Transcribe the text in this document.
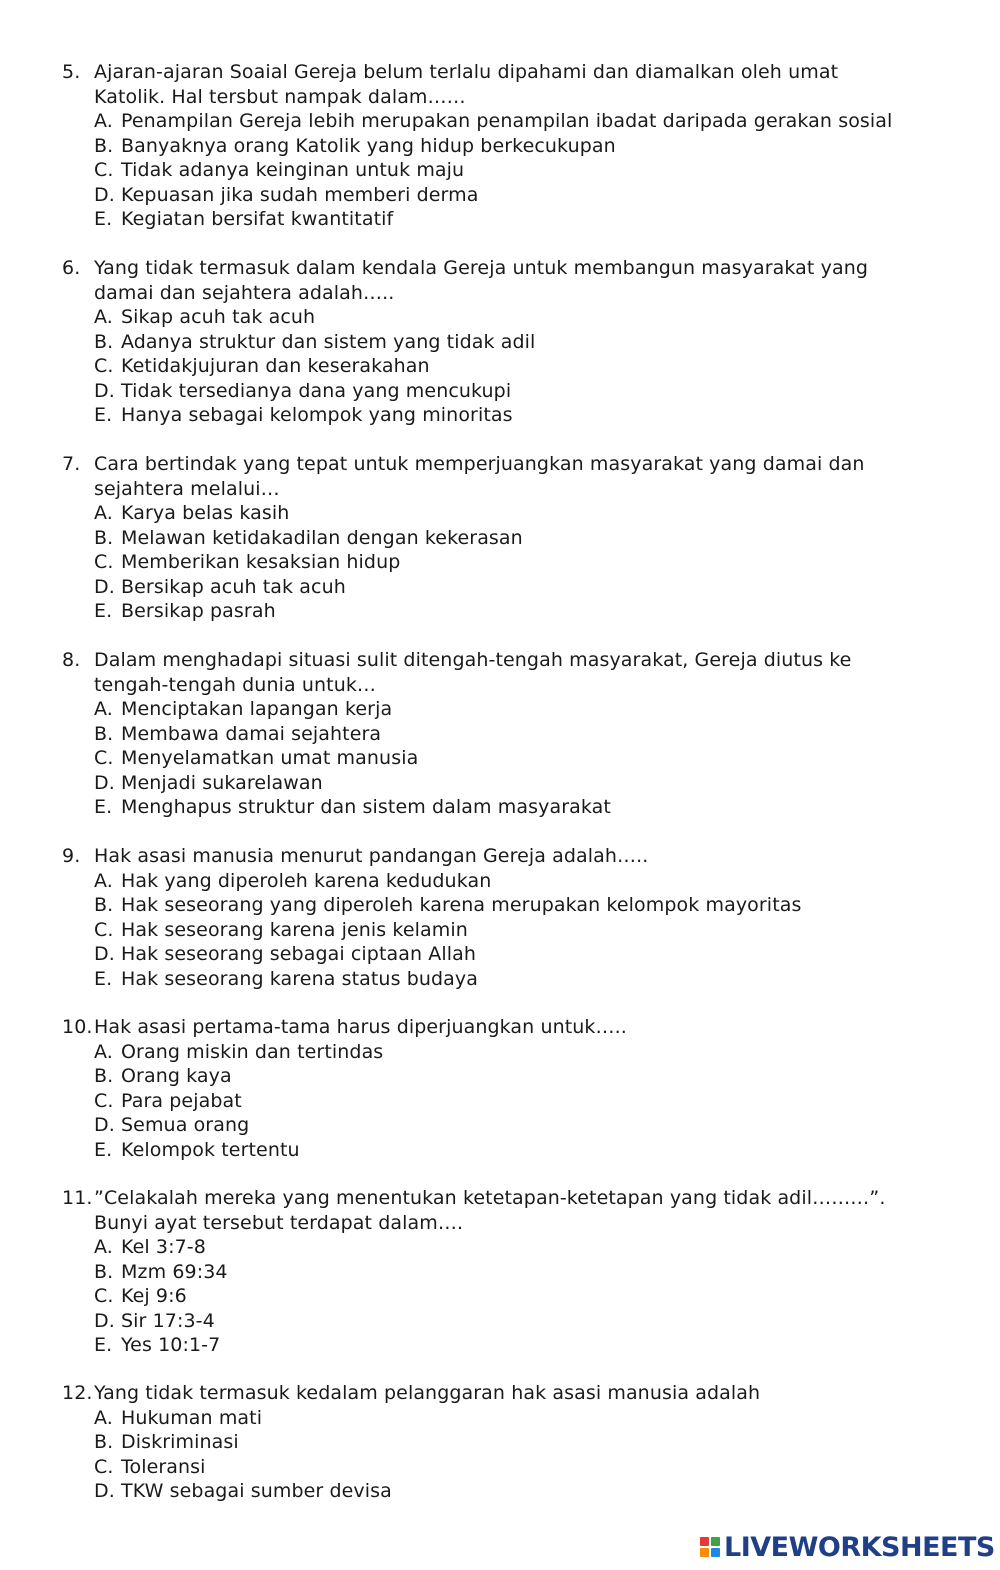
5. Ajaran-ajaran Soaial Gereja belum terlalu dipahami dan diamalkan oleh umat
Katolik. Hal tersbut nampak dalam……
A. Penampilan Gereja lebih merupakan penampilan ibadat daripada gerakan sosial
B. Banyaknya orang Katolik yang hidup berkecukupan
C. Tidak adanya keinginan untuk maju
D. Kepuasan jika sudah memberi derma
E. Kegiatan bersifat kwantitatif
6. Yang tidak termasuk dalam kendala Gereja untuk membangun masyarakat yang
damai dan sejahtera adalah…..
A. Sikap acuh tak acuh
B. Adanya struktur dan sistem yang tidak adil
C. Ketidakjujuran dan keserakahan
D. Tidak tersedianya dana yang mencukupi
E. Hanya sebagai kelompok yang minoritas
7. Cara bertindak yang tepat untuk memperjuangkan masyarakat yang damai dan
sejahtera melalui…
A. Karya belas kasih
B. Melawan ketidakadilan dengan kekerasan
C. Memberikan kesaksian hidup
D. Bersikap acuh tak acuh
E. Bersikap pasrah
8. Dalam menghadapi situasi sulit ditengah-tengah masyarakat, Gereja diutus ke
tengah-tengah dunia untuk…
A. Menciptakan lapangan kerja
B. Membawa damai sejahtera
C. Menyelamatkan umat manusia
D. Menjadi sukarelawan
E. Menghapus struktur dan sistem dalam masyarakat
9. Hak asasi manusia menurut pandangan Gereja adalah…..
A. Hak yang diperoleh karena kedudukan
B. Hak seseorang yang diperoleh karena merupakan kelompok mayoritas
C. Hak seseorang karena jenis kelamin
D. Hak seseorang sebagai ciptaan Allah
E. Hak seseorang karena status budaya
10. Hak asasi pertama-tama harus diperjuangkan untuk…..
A. Orang miskin dan tertindas
B. Orang kaya
C. Para pejabat
D. Semua orang
E. Kelompok tertentu
11. ”Celakalah mereka yang menentukan ketetapan-ketetapan yang tidak adil………”.
Bunyi ayat tersebut terdapat dalam….
A. Kel 3:7-8
B. Mzm 69:34
C. Kej 9:6
D. Sir 17:3-4
E. Yes 10:1-7
12. Yang tidak termasuk kedalam pelanggaran hak asasi manusia adalah
A. Hukuman mati
B. Diskriminasi
C. Toleransi
D. TKW sebagai sumber devisa
LIVEWORKSHEETS
